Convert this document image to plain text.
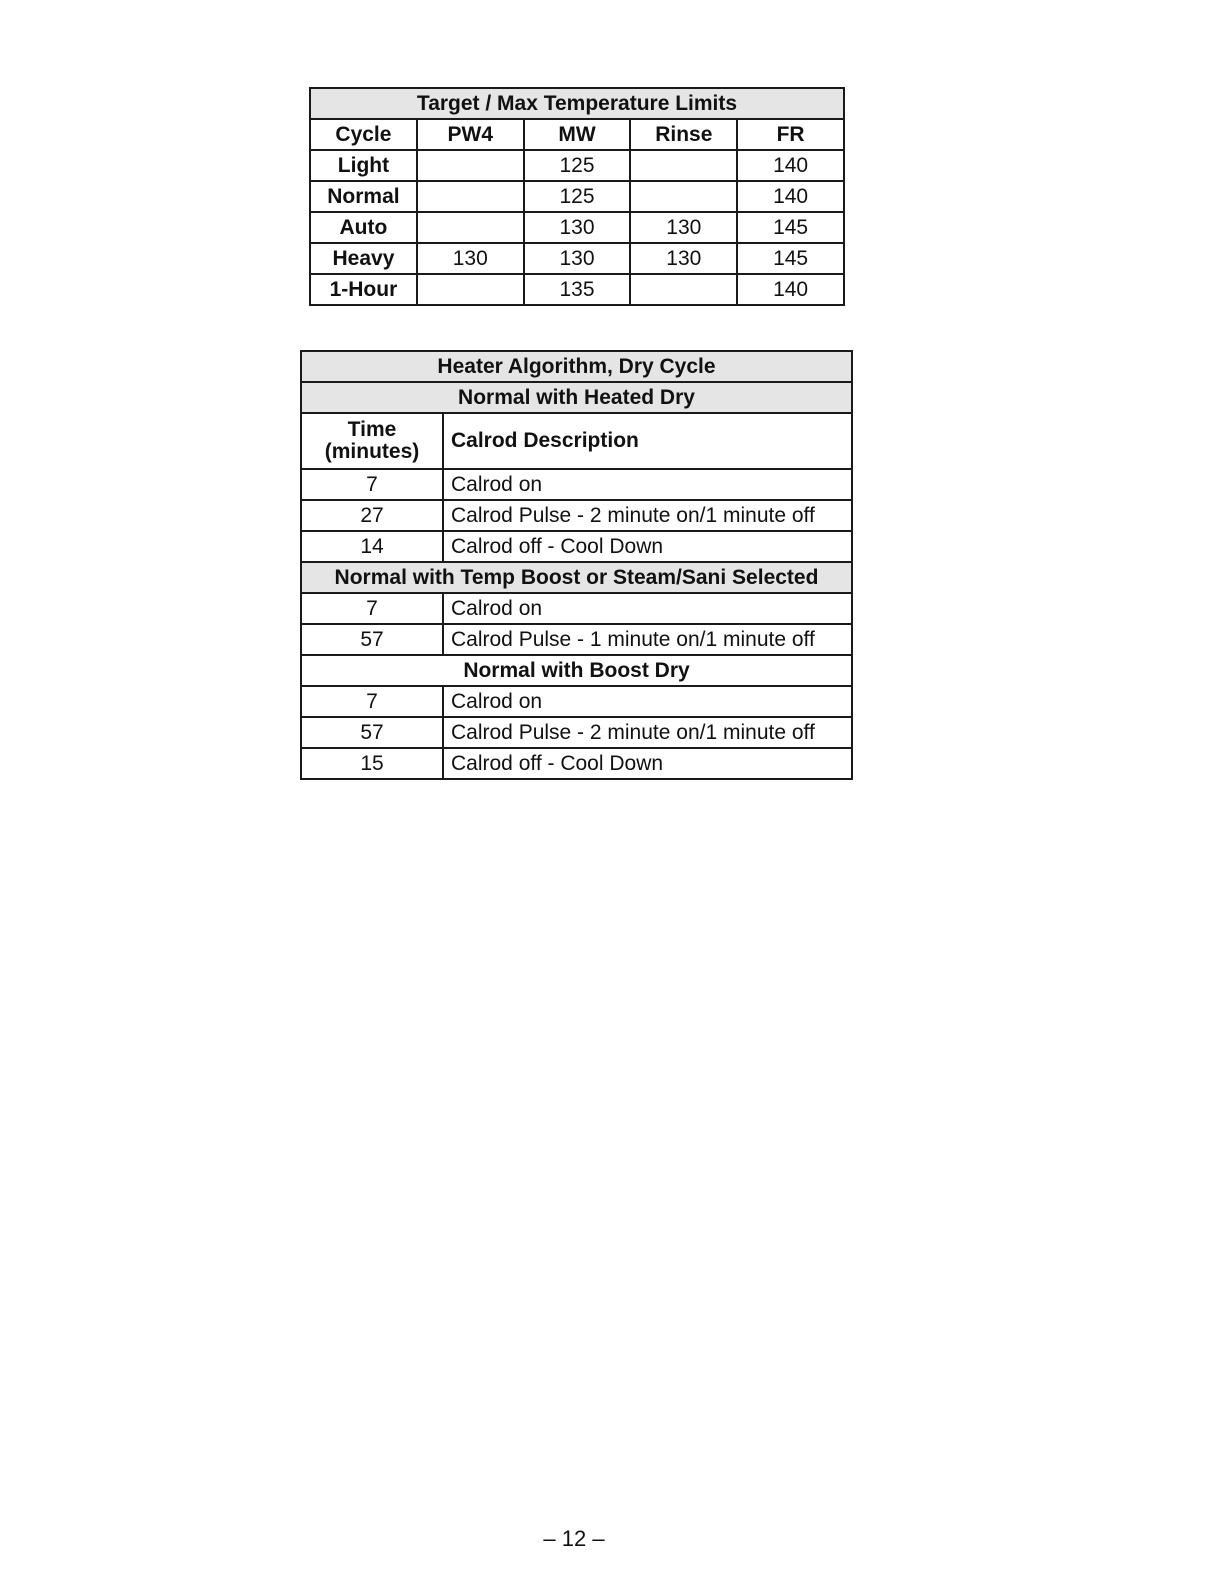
Target / Max Temperature Limits				
Cycle	PW4	MW	Rinse	FR
Light		125		140
Normal		125		140
Auto		130	130	145
Heavy	130	130	130	145
1-Hour		135		140
Heater Algorithm, Dry Cycle	
Normal with Heated Dry	

Time
(minutes)	Calrod Description
7	Calrod on
27	Calrod Pulse - 2 minute on/1 minute off
14	Calrod off - Cool Down
Normal with Temp Boost or Steam/Sani Selected	
7	Calrod on
57	Calrod Pulse - 1 minute on/1 minute off
Normal with Boost Dry	
7	Calrod on
57	Calrod Pulse - 2 minute on/1 minute off
15	Calrod off - Cool Down
– 12 –
